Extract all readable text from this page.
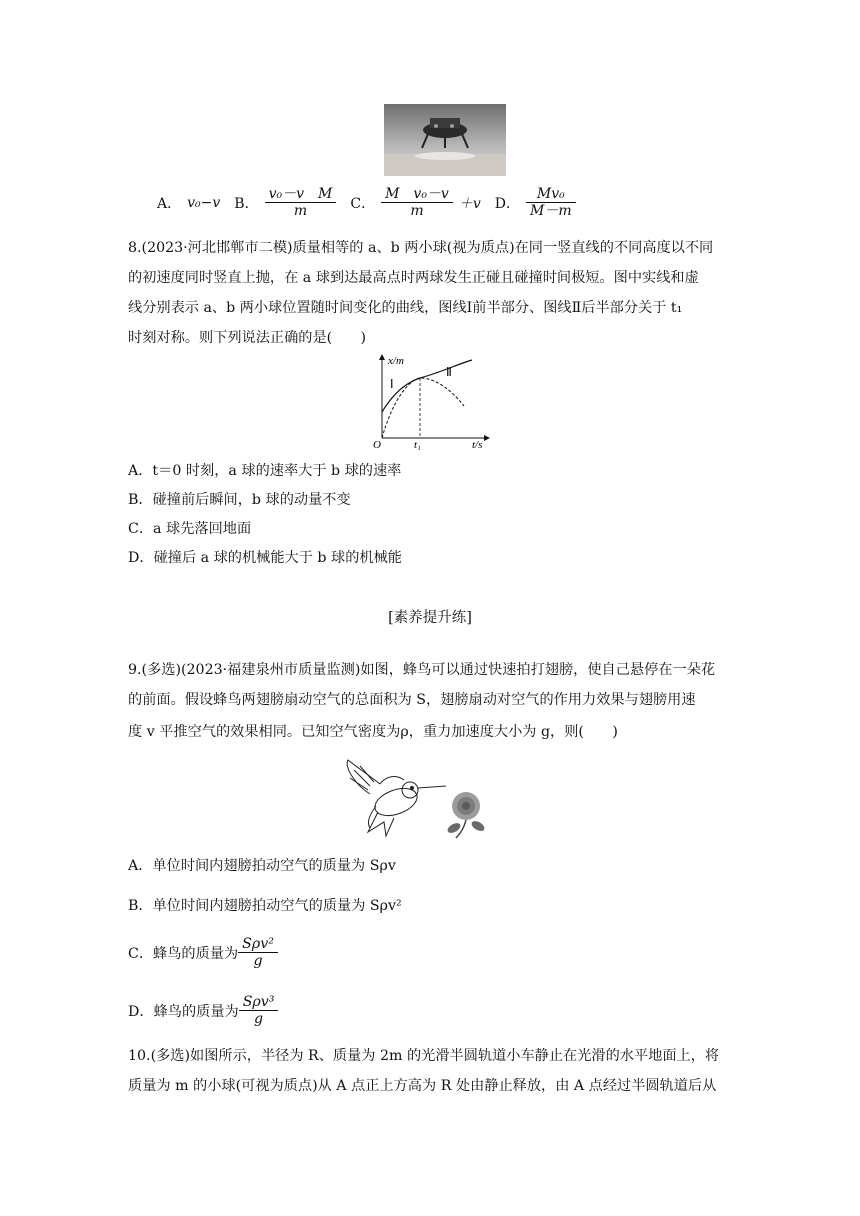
A． v₀−v B． $\frac{\text{v₀－v　M}}{m}$ C． $\frac{\text{M　v₀－v}}{m} +v$ D． $\frac{\text{Mv₀}}{M-m}$
8.(2023·河北邯郸市二模)质量相等的 a、b 两小球(视为质点)在同一竖直线的不同高度以不同
的初速度同时竖直上抛，在 a 球到达最高点时两球发生正碰且碰撞时间极短。图中实线和虚
线分别表示 a、b 两小球位置随时间变化的曲线，图线Ⅰ前半部分、图线Ⅱ后半部分关于 t₁
时刻对称。则下列说法正确的是(　　)
x/m
Ⅰ
Ⅱ
O	t₁	t/s
A．t＝0 时刻，a 球的速率大于 b 球的速率
B．碰撞前后瞬间，b 球的动量不变
C．a 球先落回地面
D．碰撞后 a 球的机械能大于 b 球的机械能
[素养提升练]
9.(多选)(2023·福建泉州市质量监测)如图，蜂鸟可以通过快速拍打翅膀，使自己悬停在一朵花
的前面。假设蜂鸟两翅膀扇动空气的总面积为 S，翅膀扇动对空气的作用力效果与翅膀用速
度 v 平推空气的效果相同。已知空气密度为ρ，重力加速度大小为 g，则(　　)
A．单位时间内翅膀拍动空气的质量为 Sρv
B．单位时间内翅膀拍动空气的质量为 Sρv²
C．蜂鸟的质量为 $\frac{\text{Sρv²}}{g}$
D．蜂鸟的质量为 $\frac{\text{Sρv³}}{g}$
10.(多选)如图所示，半径为 R、质量为 2m 的光滑半圆轨道小车静止在光滑的水平地面上，将
质量为 m 的小球(可视为质点)从 A 点正上方高为 R 处由静止释放，由 A 点经过半圆轨道后从
